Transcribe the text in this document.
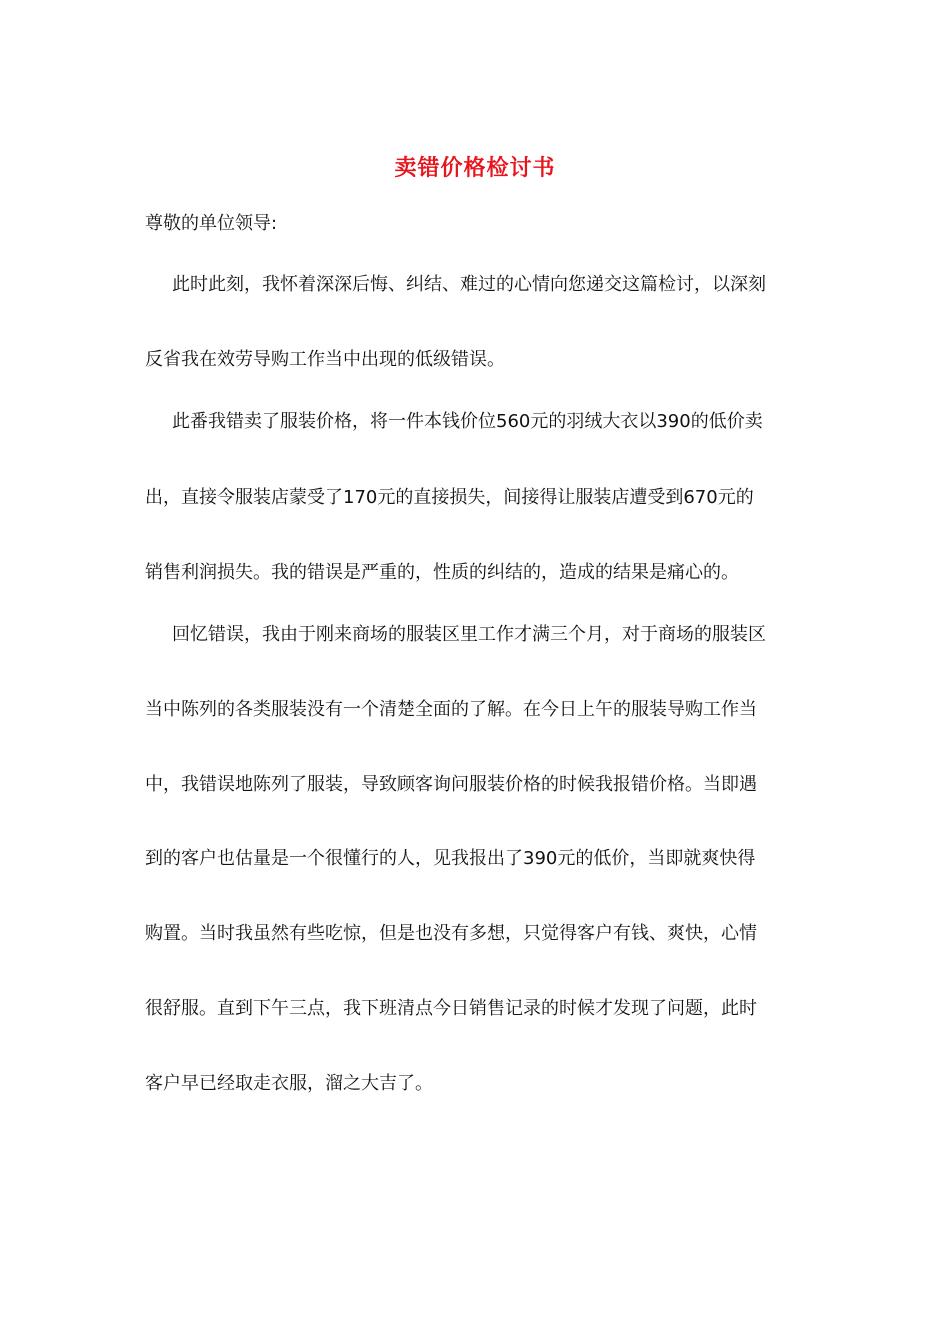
卖错价格检讨书
尊敬的单位领导:
此时此刻，我怀着深深后悔、纠结、难过的心情向您递交这篇检讨，以深刻
反省我在效劳导购工作当中出现的低级错误。
此番我错卖了服装价格，将一件本钱价位560元的羽绒大衣以390的低价卖
出，直接令服装店蒙受了170元的直接损失，间接得让服装店遭受到670元的
销售利润损失。我的错误是严重的，性质的纠结的，造成的结果是痛心的。
回忆错误，我由于刚来商场的服装区里工作才满三个月，对于商场的服装区
当中陈列的各类服装没有一个清楚全面的了解。在今日上午的服装导购工作当
中，我错误地陈列了服装，导致顾客询问服装价格的时候我报错价格。当即遇
到的客户也估量是一个很懂行的人，见我报出了390元的低价，当即就爽快得
购置。当时我虽然有些吃惊，但是也没有多想，只觉得客户有钱、爽快，心情
很舒服。直到下午三点，我下班清点今日销售记录的时候才发现了问题，此时
客户早已经取走衣服，溜之大吉了。
